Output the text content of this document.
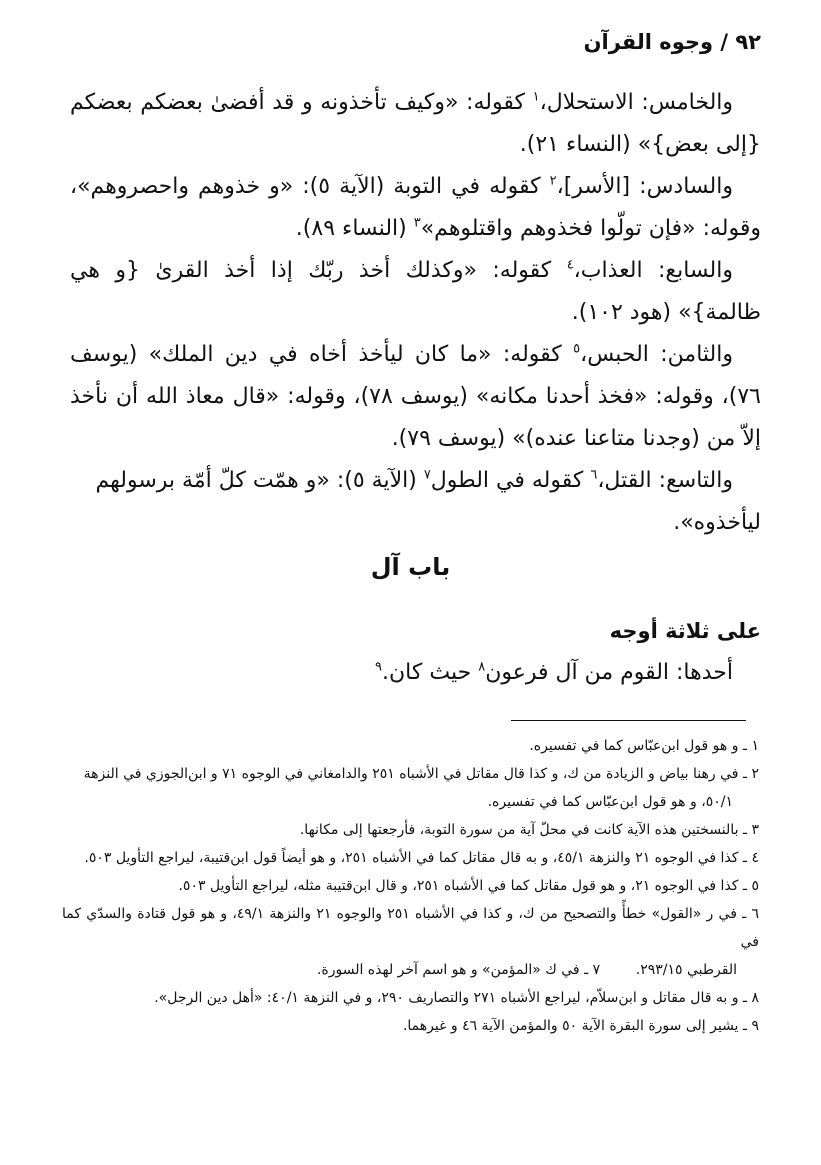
٩٢ / وجوه القرآن

والخامس: الاستحلال،$^١$ كقوله: «وكيف تأخذونه و قد أفضىٰ بعضكم بعضكم {إلى بعض}» (النساء ٢١).

والسادس: [الأسر]،$^٢$ كقوله في التوبة (الآية ٥): «و خذوهم واحصروهم»، وقوله: «فإن تولّوا فخذوهم واقتلوهم»$^٣$ (النساء ٨٩).

والسابع: العذاب،$^٤$ كقوله: «وكذلك أخذ ربّك إذا أخذ القرىٰ {و هي ظالمة}» (هود ١٠٢).

والثامن: الحبس،$^٥$ كقوله: «ما كان ليأخذ أخاه في دين الملك» (يوسف ٧٦)، وقوله: «فخذ أحدنا مكانه» (يوسف ٧٨)، وقوله: «قال معاذ الله أن نأخذ إلاّ من (وجدنا متاعنا عنده)» (يوسف ٧٩).

والتاسع: القتل،$^٦$ كقوله في الطول$^٧$ (الآية ٥): «و همّت كلّ أمّة برسولهم ليأخذوه».

باب آل

على ثلاثة أوجه

أحدها: القوم من آل فرعون$^٨$ حيث كان.$^٩$

١ ـ و هو قول ابن‌عبّاس كما في تفسيره.

٢ ـ في رهنا بياض و الزيادة من ك، و كذا قال مقاتل في الأشباه ٢٥١ والدامغاني في الوجوه ٧١ و ابن‌الجوزي في النزهة

٥٠/١، و هو قول ابن‌عبّاس كما في تفسيره.

٣ ـ بالنسختين هذه الآية كانت في محلّ آية من سورة التوبة، فأرجعتها إلى مكانها.

٤ ـ كذا في الوجوه ٢١ والنزهة ٤٥/١، و به قال مقاتل كما في الأشباه ٢٥١، و هو أيضاً قول ابن‌قتيبة، ليراجع التأويل ٥٠٣.

٥ ـ كذا في الوجوه ٢١، و هو قول مقاتل كما في الأشباه ٢٥١، و قال ابن‌قتيبة مثله، ليراجع التأويل ٥٠٣.

٦ ـ في ر «القول» خطأً والتصحيح من ك، و كذا في الأشباه ٢٥١ والوجوه ٢١ والنزهة ٤٩/١، و هو قول قتادة والسدّي كما في

القرطبي ٢٩٣/١٥.        ٧ ـ في ك «المؤمن» و هو اسم آخر لهذه السورة.

٨ ـ و به قال مقاتل و ابن‌سلاّم، ليراجع الأشباه ٢٧١ والتصاريف ٢٩٠، و في النزهة ٤٠/١: «أهل دين الرجل».

٩ ـ يشير إلى سورة البقرة الآية ٥٠ والمؤمن الآية ٤٦ و غيرهما.
